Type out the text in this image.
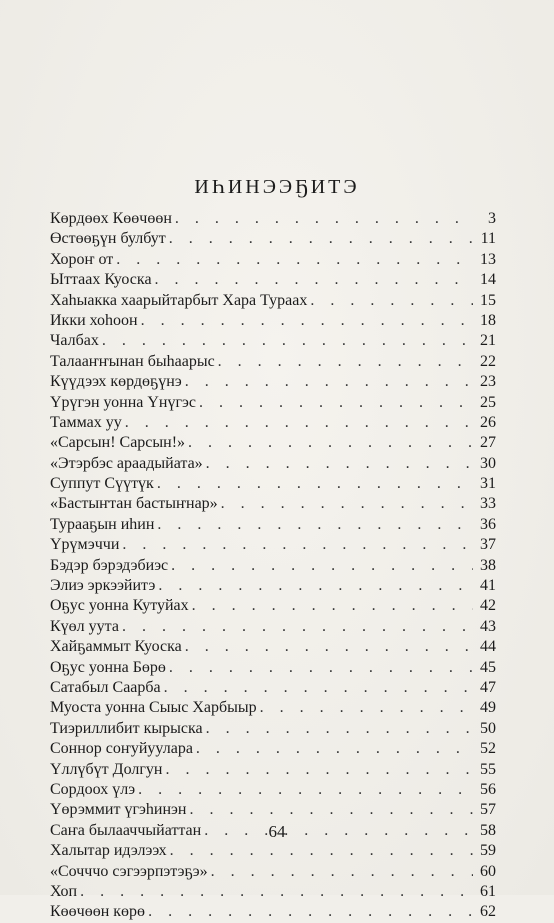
ИҺИНЭЭҔИТЭ
Көрдөөх Көөчөөн . . .	3
Өстөөҕүн булбут . . .	11
Хороҥ от . . .	13
Ыттаах Куоска . . .	14
Хаһыакка хаарыйтарбыт Хара Тураах . . .	15
Икки хоһоон . . .	18
Чалбах . . .	21
Талааҥҥынан быһаарыс . . .	22
Күүдээх көрдөҕүнэ . . .	23
Үрүгэн уонна Үнүгэс . . .	25
Таммах уу . . .	26
«Сарсын! Сарсын!» . . .	27
«Этэрбэс араадыйата» . . .	30
Суппут Сүүтүк . . .	31
«Бастыҥтан бастыҥнар» . . .	33
Турааҕын иһин . . .	36
Үрүмэччи . . .	37
Бэдэр бэрэдэбиэс . . .	38
Элиэ эркээйитэ . . .	41
Оҕус уонна Кутуйах . . .	42
Күөл уута . . .	43
Хайҕаммыт Куоска . . .	44
Оҕус уонна Бөрө . . .	45
Сатабыл Саарба . . .	47
Муоста уонна Сыыс Харбыыр . . .	49
Тиэриллибит кырыска . . .	50
Соннор соҥуйуулара . . .	52
Үллүбүт Долгун . . .	55
Сордоох үлэ . . .	56
Үөрэммит үгэһинэн . . .	57
Саҥа былааччыйаттан . . .	58
Халытар идэлээх . . .	59
«Сочччо сэгээрпэтэҕэ» . . .	60
Хоп . . .	61
Көөчөөн көрө . . .	62
64
